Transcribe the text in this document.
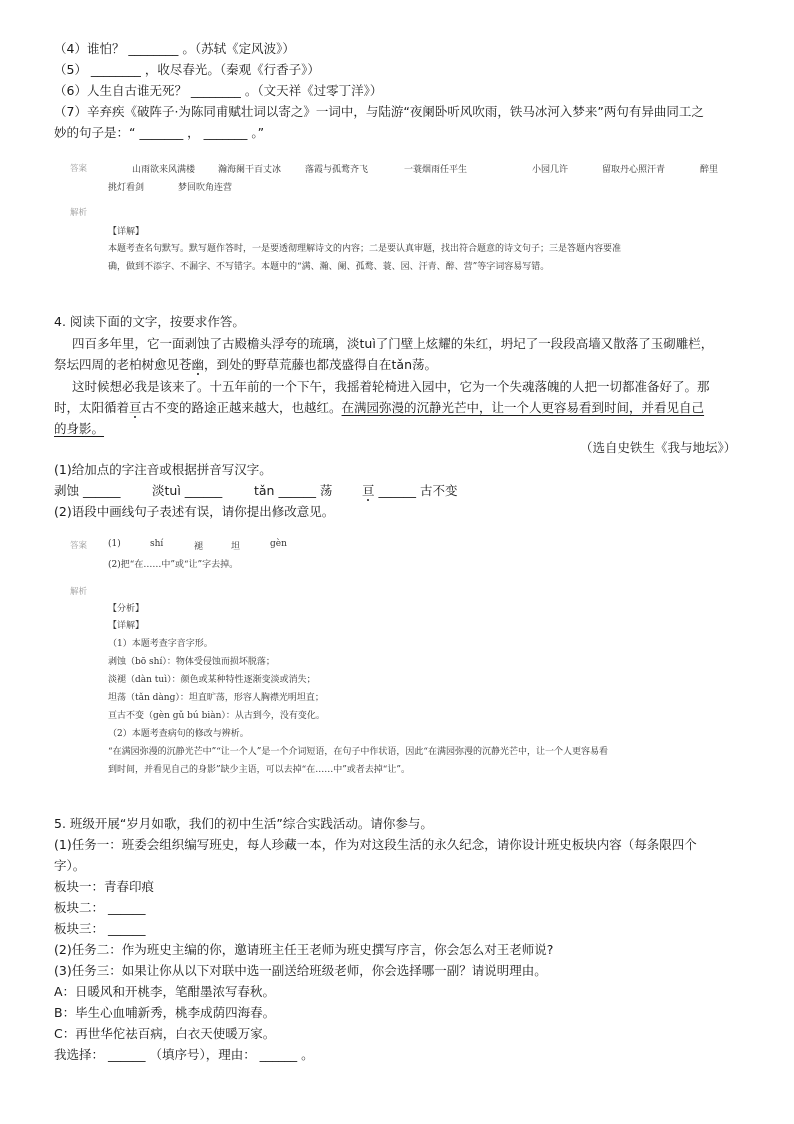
（4）谁怕？ ________ 。（苏轼《定风波》）
（5） ________ ，收尽春光。（秦观《行香子》）
（6）人生自古谁无死？ ________ 。（文天祥《过零丁洋》）
（7）辛弃疾《破阵子·为陈同甫赋壮词以寄之》一词中，与陆游“夜阑卧听风吹雨，铁马冰河入梦来”两句有异曲同工之
妙的句子是：“ _______ ， _______ 。”
答案	山雨欲来风满楼	瀚海阑干百丈冰	落霞与孤鹜齐飞	一蓑烟雨任平生	小园几许	留取丹心照汗青	醉里
挑灯看剑	梦回吹角连营
解析
【详解】
本题考查名句默写。默写题作答时，一是要透彻理解诗文的内容；二是要认真审题，找出符合题意的诗文句子；三是答题内容要准
确，做到不添字、不漏字、不写错字。本题中的“满、瀚、阑、孤鹜、蓑、园、汗青、醉、营”等字词容易写错。
4. 阅读下面的文字，按要求作答。
四百多年里，它一面剥蚀了古殿檐头浮夸的琉璃，淡tuì了门壁上炫耀的朱红，坍圮了一段段高墙又散落了玉砌雕栏，
祭坛四周的老柏树愈见苍幽，到处的野草荒藤也都茂盛得自在tǎn荡。
这时候想必我是该来了。十五年前的一个下午，我摇着轮椅进入园中，它为一个失魂落魄的人把一切都准备好了。那
时，太阳循着亘古不变的路途正越来越大，也越红。在满园弥漫的沉静光芒中，让一个人更容易看到时间，并看见自己
的身影。
（选自史铁生《我与地坛》）
(1)给加点的字注音或根据拼音写汉字。
剥蚀 ______	淡tuì ______	tǎn ______ 荡 亘 ______ 古不变
(2)语段中画线句子表述有误，请你提出修改意见。
答案 (1)	shí	褪	坦	gèn
(2)把“在……中”或“让”字去掉。
解析
【分析】
【详解】
（1）本题考查字音字形。
剥蚀（bō shí）：物体受侵蚀而损坏脱落；
淡褪（dàn tuì）：颜色或某种特性逐渐变淡或消失；
坦荡（tǎn dàng）：坦直旷荡，形容人胸襟光明坦直；
亘古不变（gèn gǔ bú biàn）：从古到今，没有变化。
（2）本题考查病句的修改与辨析。
“在满园弥漫的沉静光芒中”“让一个人”是一个介词短语，在句子中作状语，因此“在满园弥漫的沉静光芒中，让一个人更容易看
到时间，并看见自己的身影”缺少主语，可以去掉“在……中”或者去掉“让”。
5. 班级开展“岁月如歌，我们的初中生活”综合实践活动。请你参与。
(1)任务一：班委会组织编写班史，每人珍藏一本，作为对这段生活的永久纪念，请你设计班史板块内容（每条限四个
字）。
板块一：青春印痕
板块二： ______
板块三： ______
(2)任务二：作为班史主编的你，邀请班主任王老师为班史撰写序言，你会怎么对王老师说?
(3)任务三：如果让你从以下对联中选一副送给班级老师，你会选择哪一副？请说明理由。
A：日暖风和开桃李，笔酣墨浓写春秋。
B：毕生心血哺新秀，桃李成荫四海春。
C：再世华佗祛百病，白衣天使暖万家。
我选择： ______ （填序号），理由： ______ 。
